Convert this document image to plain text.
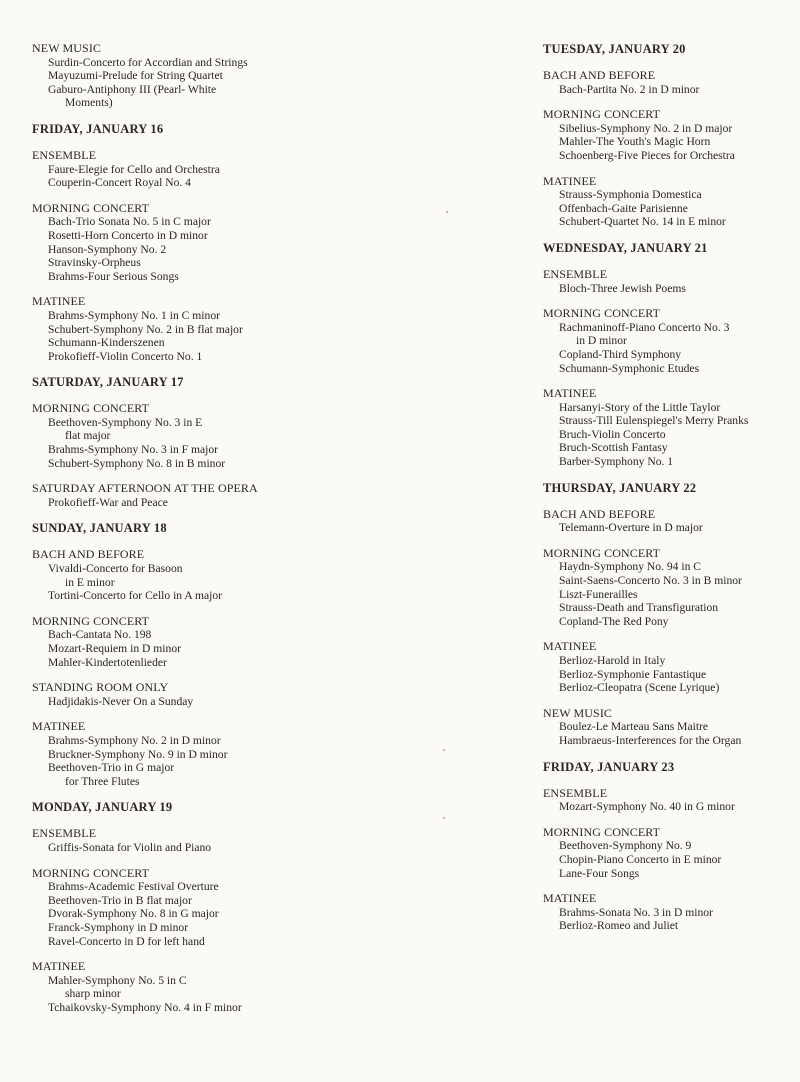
NEW MUSIC
Surdin-Concerto for Accordian and Strings
Mayuzumi-Prelude for String Quartet
Gaburo-Antiphony III (Pearl- White
Moments)
FRIDAY, JANUARY 16
ENSEMBLE
Faure-Elegie for Cello and Orchestra
Couperin-Concert Royal No. 4
MORNING CONCERT
Bach-Trio Sonata No. 5 in C major
Rosetti-Horn Concerto in D minor
Hanson-Symphony No. 2
Stravinsky-Orpheus
Brahms-Four Serious Songs
MATINEE
Brahms-Symphony No. 1 in C minor
Schubert-Symphony No. 2 in B flat major
Schumann-Kinderszenen
Prokofieff-Violin Concerto No. 1
SATURDAY, JANUARY 17
MORNING CONCERT
Beethoven-Symphony No. 3 in E
flat major
Brahms-Symphony No. 3 in F major
Schubert-Symphony No. 8 in B minor
SATURDAY AFTERNOON AT THE OPERA
Prokofieff-War and Peace
SUNDAY, JANUARY 18
BACH AND BEFORE
Vivaldi-Concerto for Basoon
in E minor
Tortini-Concerto for Cello in A major
MORNING CONCERT
Bach-Cantata No. 198
Mozart-Requiem in D minor
Mahler-Kindertotenlieder
STANDING ROOM ONLY
Hadjidakis-Never On a Sunday
MATINEE
Brahms-Symphony No. 2 in D minor
Bruckner-Symphony No. 9 in D minor
Beethoven-Trio in G major
for Three Flutes
MONDAY, JANUARY 19
ENSEMBLE
Griffis-Sonata for Violin and Piano
MORNING CONCERT
Brahms-Academic Festival Overture
Beethoven-Trio in B flat major
Dvorak-Symphony No. 8 in G major
Franck-Symphony in D minor
Ravel-Concerto in D for left hand
MATINEE
Mahler-Symphony No. 5 in C
sharp minor
Tchaikovsky-Symphony No. 4 in F minor
TUESDAY, JANUARY 20
BACH AND BEFORE
Bach-Partita No. 2 in D minor
MORNING CONCERT
Sibelius-Symphony No. 2 in D major
Mahler-The Youth's Magic Horn
Schoenberg-Five Pieces for Orchestra
MATINEE
Strauss-Symphonia Domestica
Offenbach-Gaite Parisienne
Schubert-Quartet No. 14 in E minor
WEDNESDAY, JANUARY 21
ENSEMBLE
Bloch-Three Jewish Poems
MORNING CONCERT
Rachmaninoff-Piano Concerto No. 3
in D minor
Copland-Third Symphony
Schumann-Symphonic Etudes
MATINEE
Harsanyi-Story of the Little Taylor
Strauss-Till Eulenspiegel's Merry Pranks
Bruch-Violin Concerto
Bruch-Scottish Fantasy
Barber-Symphony No. 1
THURSDAY, JANUARY 22
BACH AND BEFORE
Telemann-Overture in D major
MORNING CONCERT
Haydn-Symphony No. 94 in C
Saint-Saens-Concerto No. 3 in B minor
Liszt-Funerailles
Strauss-Death and Transfiguration
Copland-The Red Pony
MATINEE
Berlioz-Harold in Italy
Berlioz-Symphonie Fantastique
Berlioz-Cleopatra (Scene Lyrique)
NEW MUSIC
Boulez-Le Marteau Sans Maitre
Hambraeus-Interferences for the Organ
FRIDAY, JANUARY 23
ENSEMBLE
Mozart-Symphony No. 40 in G minor
MORNING CONCERT
Beethoven-Symphony No. 9
Chopin-Piano Concerto in E minor
Lane-Four Songs
MATINEE
Brahms-Sonata No. 3 in D minor
Berlioz-Romeo and Juliet
